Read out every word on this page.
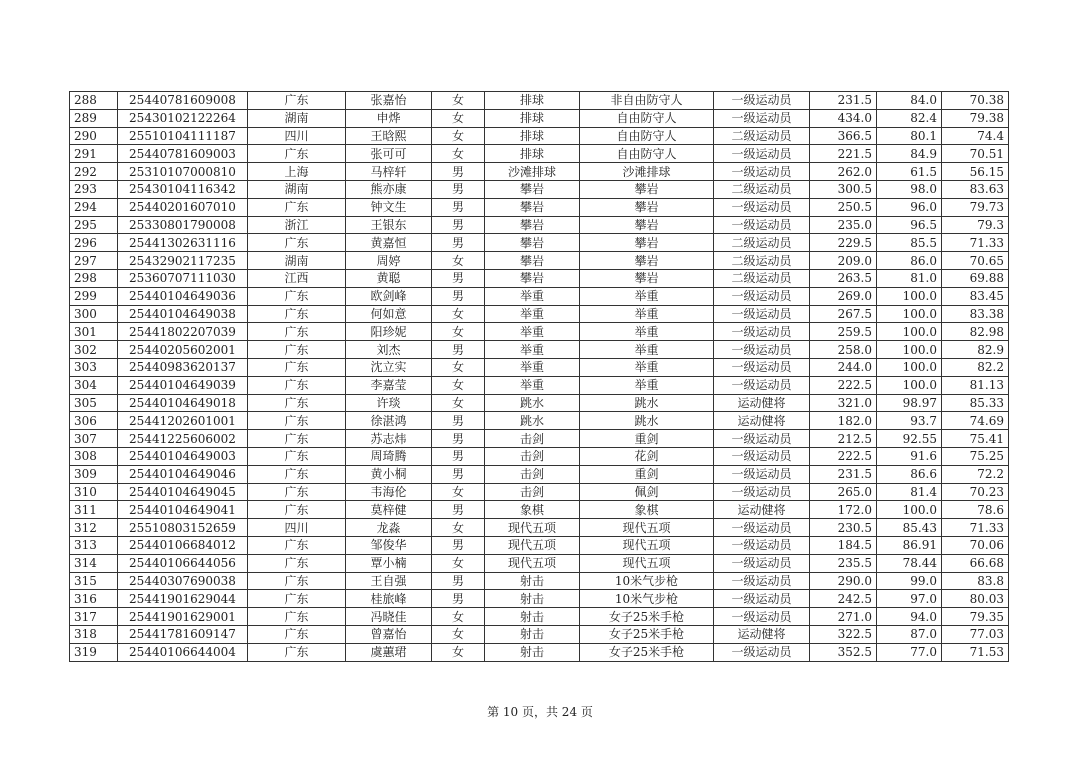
288	25440781609008	广东	张嘉怡	女	排球	非自由防守人	一级运动员	231.5	84.0	70.38
289	25430102122264	湖南	申烨	女	排球	自由防守人	一级运动员	434.0	82.4	79.38
290	25510104111187	四川	王晗熙	女	排球	自由防守人	二级运动员	366.5	80.1	74.4
291	25440781609003	广东	张可可	女	排球	自由防守人	一级运动员	221.5	84.9	70.51
292	25310107000810	上海	马梓轩	男	沙滩排球	沙滩排球	一级运动员	262.0	61.5	56.15
293	25430104116342	湖南	熊亦康	男	攀岩	攀岩	二级运动员	300.5	98.0	83.63
294	25440201607010	广东	钟文生	男	攀岩	攀岩	一级运动员	250.5	96.0	79.73
295	25330801790008	浙江	王银东	男	攀岩	攀岩	一级运动员	235.0	96.5	79.3
296	25441302631116	广东	黄嘉恒	男	攀岩	攀岩	二级运动员	229.5	85.5	71.33
297	25432902117235	湖南	周婷	女	攀岩	攀岩	二级运动员	209.0	86.0	70.65
298	25360707111030	江西	黄聪	男	攀岩	攀岩	二级运动员	263.5	81.0	69.88
299	25440104649036	广东	欧剑峰	男	举重	举重	一级运动员	269.0	100.0	83.45
300	25440104649038	广东	何如意	女	举重	举重	一级运动员	267.5	100.0	83.38
301	25441802207039	广东	阳珍妮	女	举重	举重	一级运动员	259.5	100.0	82.98
302	25440205602001	广东	刘杰	男	举重	举重	一级运动员	258.0	100.0	82.9
303	25440983620137	广东	沈立实	女	举重	举重	一级运动员	244.0	100.0	82.2
304	25440104649039	广东	李嘉莹	女	举重	举重	一级运动员	222.5	100.0	81.13
305	25440104649018	广东	许琰	女	跳水	跳水	运动健将	321.0	98.97	85.33
306	25441202601001	广东	徐湛鸿	男	跳水	跳水	运动健将	182.0	93.7	74.69
307	25441225606002	广东	苏志炜	男	击剑	重剑	一级运动员	212.5	92.55	75.41
308	25440104649003	广东	周琦腾	男	击剑	花剑	一级运动员	222.5	91.6	75.25
309	25440104649046	广东	黄小桐	男	击剑	重剑	一级运动员	231.5	86.6	72.2
310	25440104649045	广东	韦海伦	女	击剑	佩剑	一级运动员	265.0	81.4	70.23
311	25440104649041	广东	莫梓健	男	象棋	象棋	运动健将	172.0	100.0	78.6
312	25510803152659	四川	龙淼	女	现代五项	现代五项	一级运动员	230.5	85.43	71.33
313	25440106684012	广东	邹俊华	男	现代五项	现代五项	一级运动员	184.5	86.91	70.06
314	25440106644056	广东	覃小楠	女	现代五项	现代五项	一级运动员	235.5	78.44	66.68
315	25440307690038	广东	王自强	男	射击	10米气步枪	一级运动员	290.0	99.0	83.8
316	25441901629044	广东	桂旅峰	男	射击	10米气步枪	一级运动员	242.5	97.0	80.03
317	25441901629001	广东	冯晓佳	女	射击	女子25米手枪	一级运动员	271.0	94.0	79.35
318	25441781609147	广东	曾嘉怡	女	射击	女子25米手枪	运动健将	322.5	87.0	77.03
319	25440106644004	广东	虞蕙珺	女	射击	女子25米手枪	一级运动员	352.5	77.0	71.53
第 10 页，共 24 页
